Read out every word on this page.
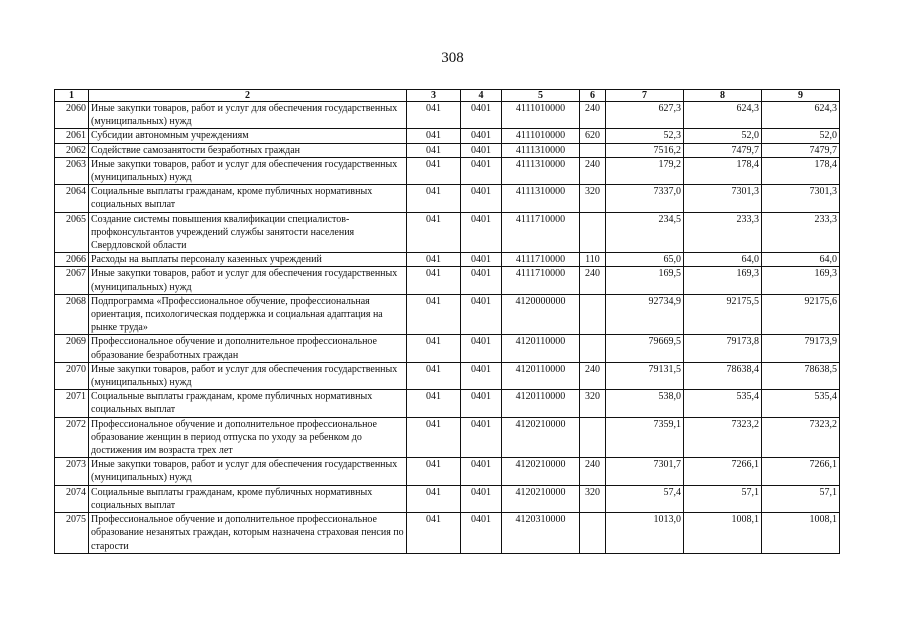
308
1	2	3	4	5	6	7	8	9
2060	Иные закупки товаров, работ и услуг для обеспечения государственных (муниципальных) нужд	041	0401	4111010000	240	627,3	624,3	624,3
2061	Субсидии автономным учреждениям	041	0401	4111010000	620	52,3	52,0	52,0
2062	Содействие самозанятости безработных граждан	041	0401	4111310000		7516,2	7479,7	7479,7
2063	Иные закупки товаров, работ и услуг для обеспечения государственных (муниципальных) нужд	041	0401	4111310000	240	179,2	178,4	178,4
2064	Социальные выплаты гражданам, кроме публичных нормативных социальных выплат	041	0401	4111310000	320	7337,0	7301,3	7301,3
2065	Создание системы повышения квалификации специалистов-профконсультантов учреждений службы занятости населения Свердловской области	041	0401	4111710000		234,5	233,3	233,3
2066	Расходы на выплаты персоналу казенных учреждений	041	0401	4111710000	110	65,0	64,0	64,0
2067	Иные закупки товаров, работ и услуг для обеспечения государственных (муниципальных) нужд	041	0401	4111710000	240	169,5	169,3	169,3
2068	Подпрограмма «Профессиональное обучение, профессиональная ориентация, психологическая поддержка и социальная адаптация на рынке труда»	041	0401	4120000000		92734,9	92175,5	92175,6
2069	Профессиональное обучение и дополнительное профессиональное образование безработных граждан	041	0401	4120110000		79669,5	79173,8	79173,9
2070	Иные закупки товаров, работ и услуг для обеспечения государственных (муниципальных) нужд	041	0401	4120110000	240	79131,5	78638,4	78638,5
2071	Социальные выплаты гражданам, кроме публичных нормативных социальных выплат	041	0401	4120110000	320	538,0	535,4	535,4
2072	Профессиональное обучение и дополнительное профессиональное образование женщин в период отпуска по уходу за ребенком до достижения им возраста трех лет	041	0401	4120210000		7359,1	7323,2	7323,2
2073	Иные закупки товаров, работ и услуг для обеспечения государственных (муниципальных) нужд	041	0401	4120210000	240	7301,7	7266,1	7266,1
2074	Социальные выплаты гражданам, кроме публичных нормативных социальных выплат	041	0401	4120210000	320	57,4	57,1	57,1
2075	Профессиональное обучение и дополнительное профессиональное образование незанятых граждан, которым назначена страховая пенсия по старости	041	0401	4120310000		1013,0	1008,1	1008,1
